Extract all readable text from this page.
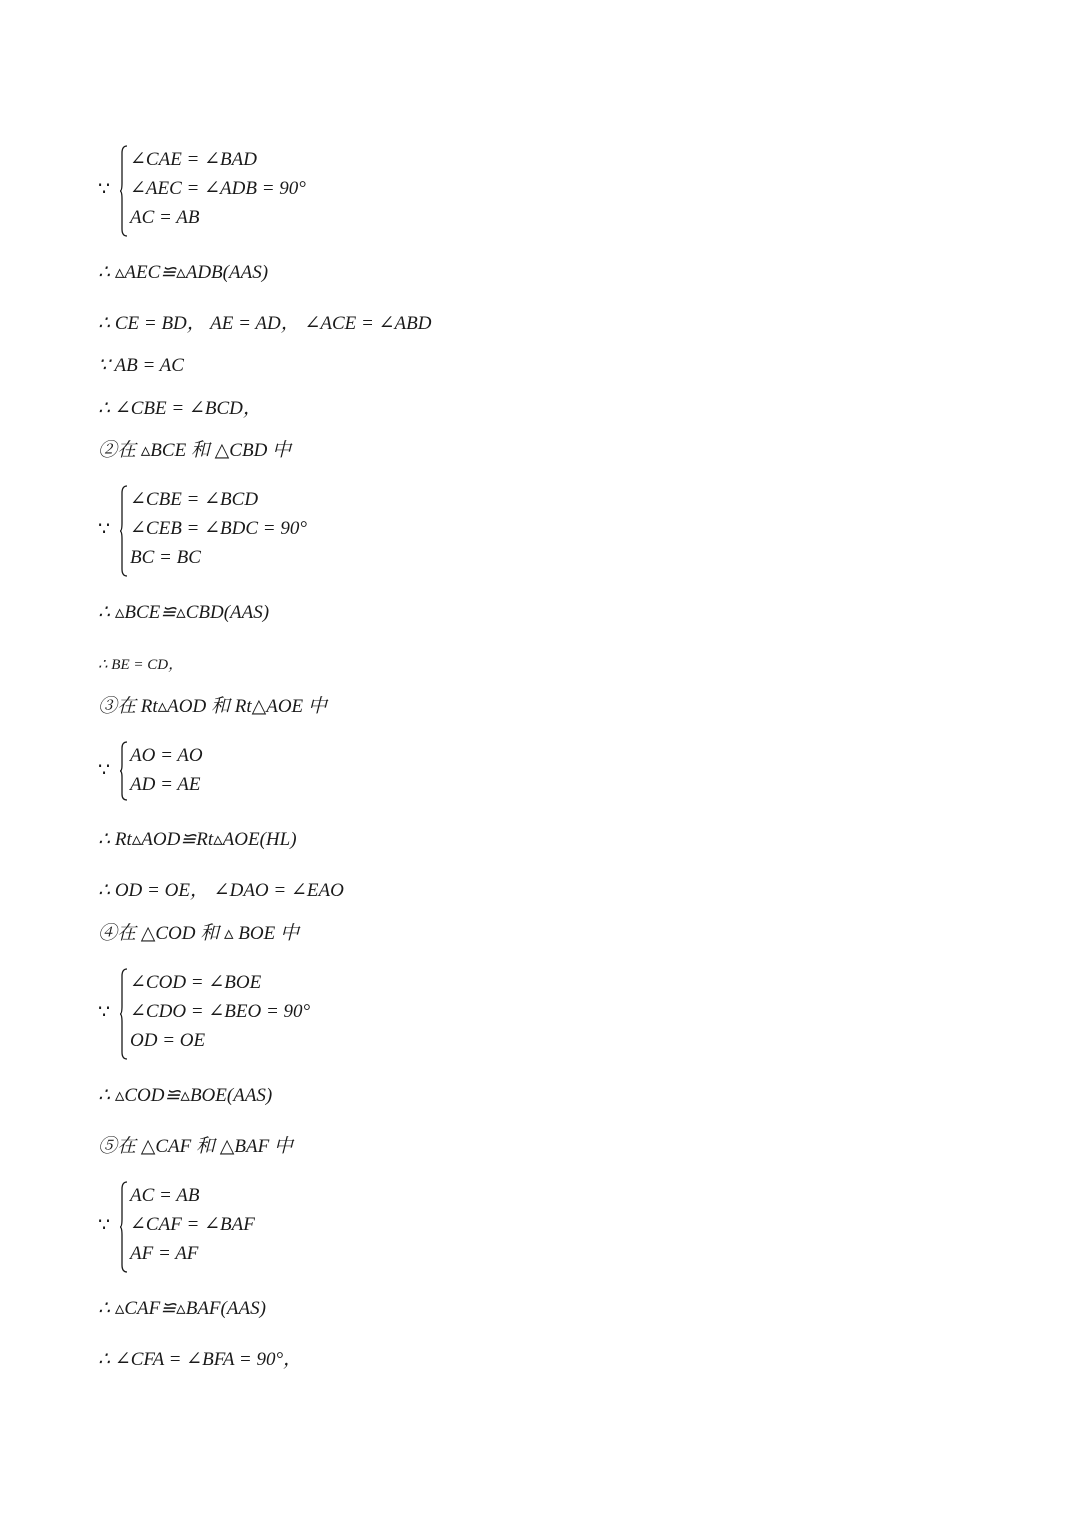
∵
∠CAE = ∠BAD
∠AEC = ∠ADB = 90°
AC = AB
∴ ▵AEC≌▵ADB(AAS)
∴ CE = BD， AE = AD， ∠ACE = ∠ABD
∵ AB = AC
∴ ∠CBE = ∠BCD，
②在 ▵BCE 和 △CBD 中
∵
∠CBE = ∠BCD
∠CEB = ∠BDC = 90°
BC = BC
∴ ▵BCE≌▵CBD(AAS)
∴ BE = CD，
③在 Rt▵AOD 和 Rt△AOE 中
∵
AO = AO
AD = AE
∴ Rt▵AOD≌Rt▵AOE(HL)
∴ OD = OE， ∠DAO = ∠EAO
④在 △COD 和 ▵ BOE 中
∵
∠COD = ∠BOE
∠CDO = ∠BEO = 90°
OD = OE
∴ ▵COD≌▵BOE(AAS)
⑤在 △CAF 和 △BAF 中
∵
AC = AB
∠CAF = ∠BAF
AF = AF
∴ ▵CAF≌▵BAF(AAS)
∴ ∠CFA = ∠BFA = 90°，
